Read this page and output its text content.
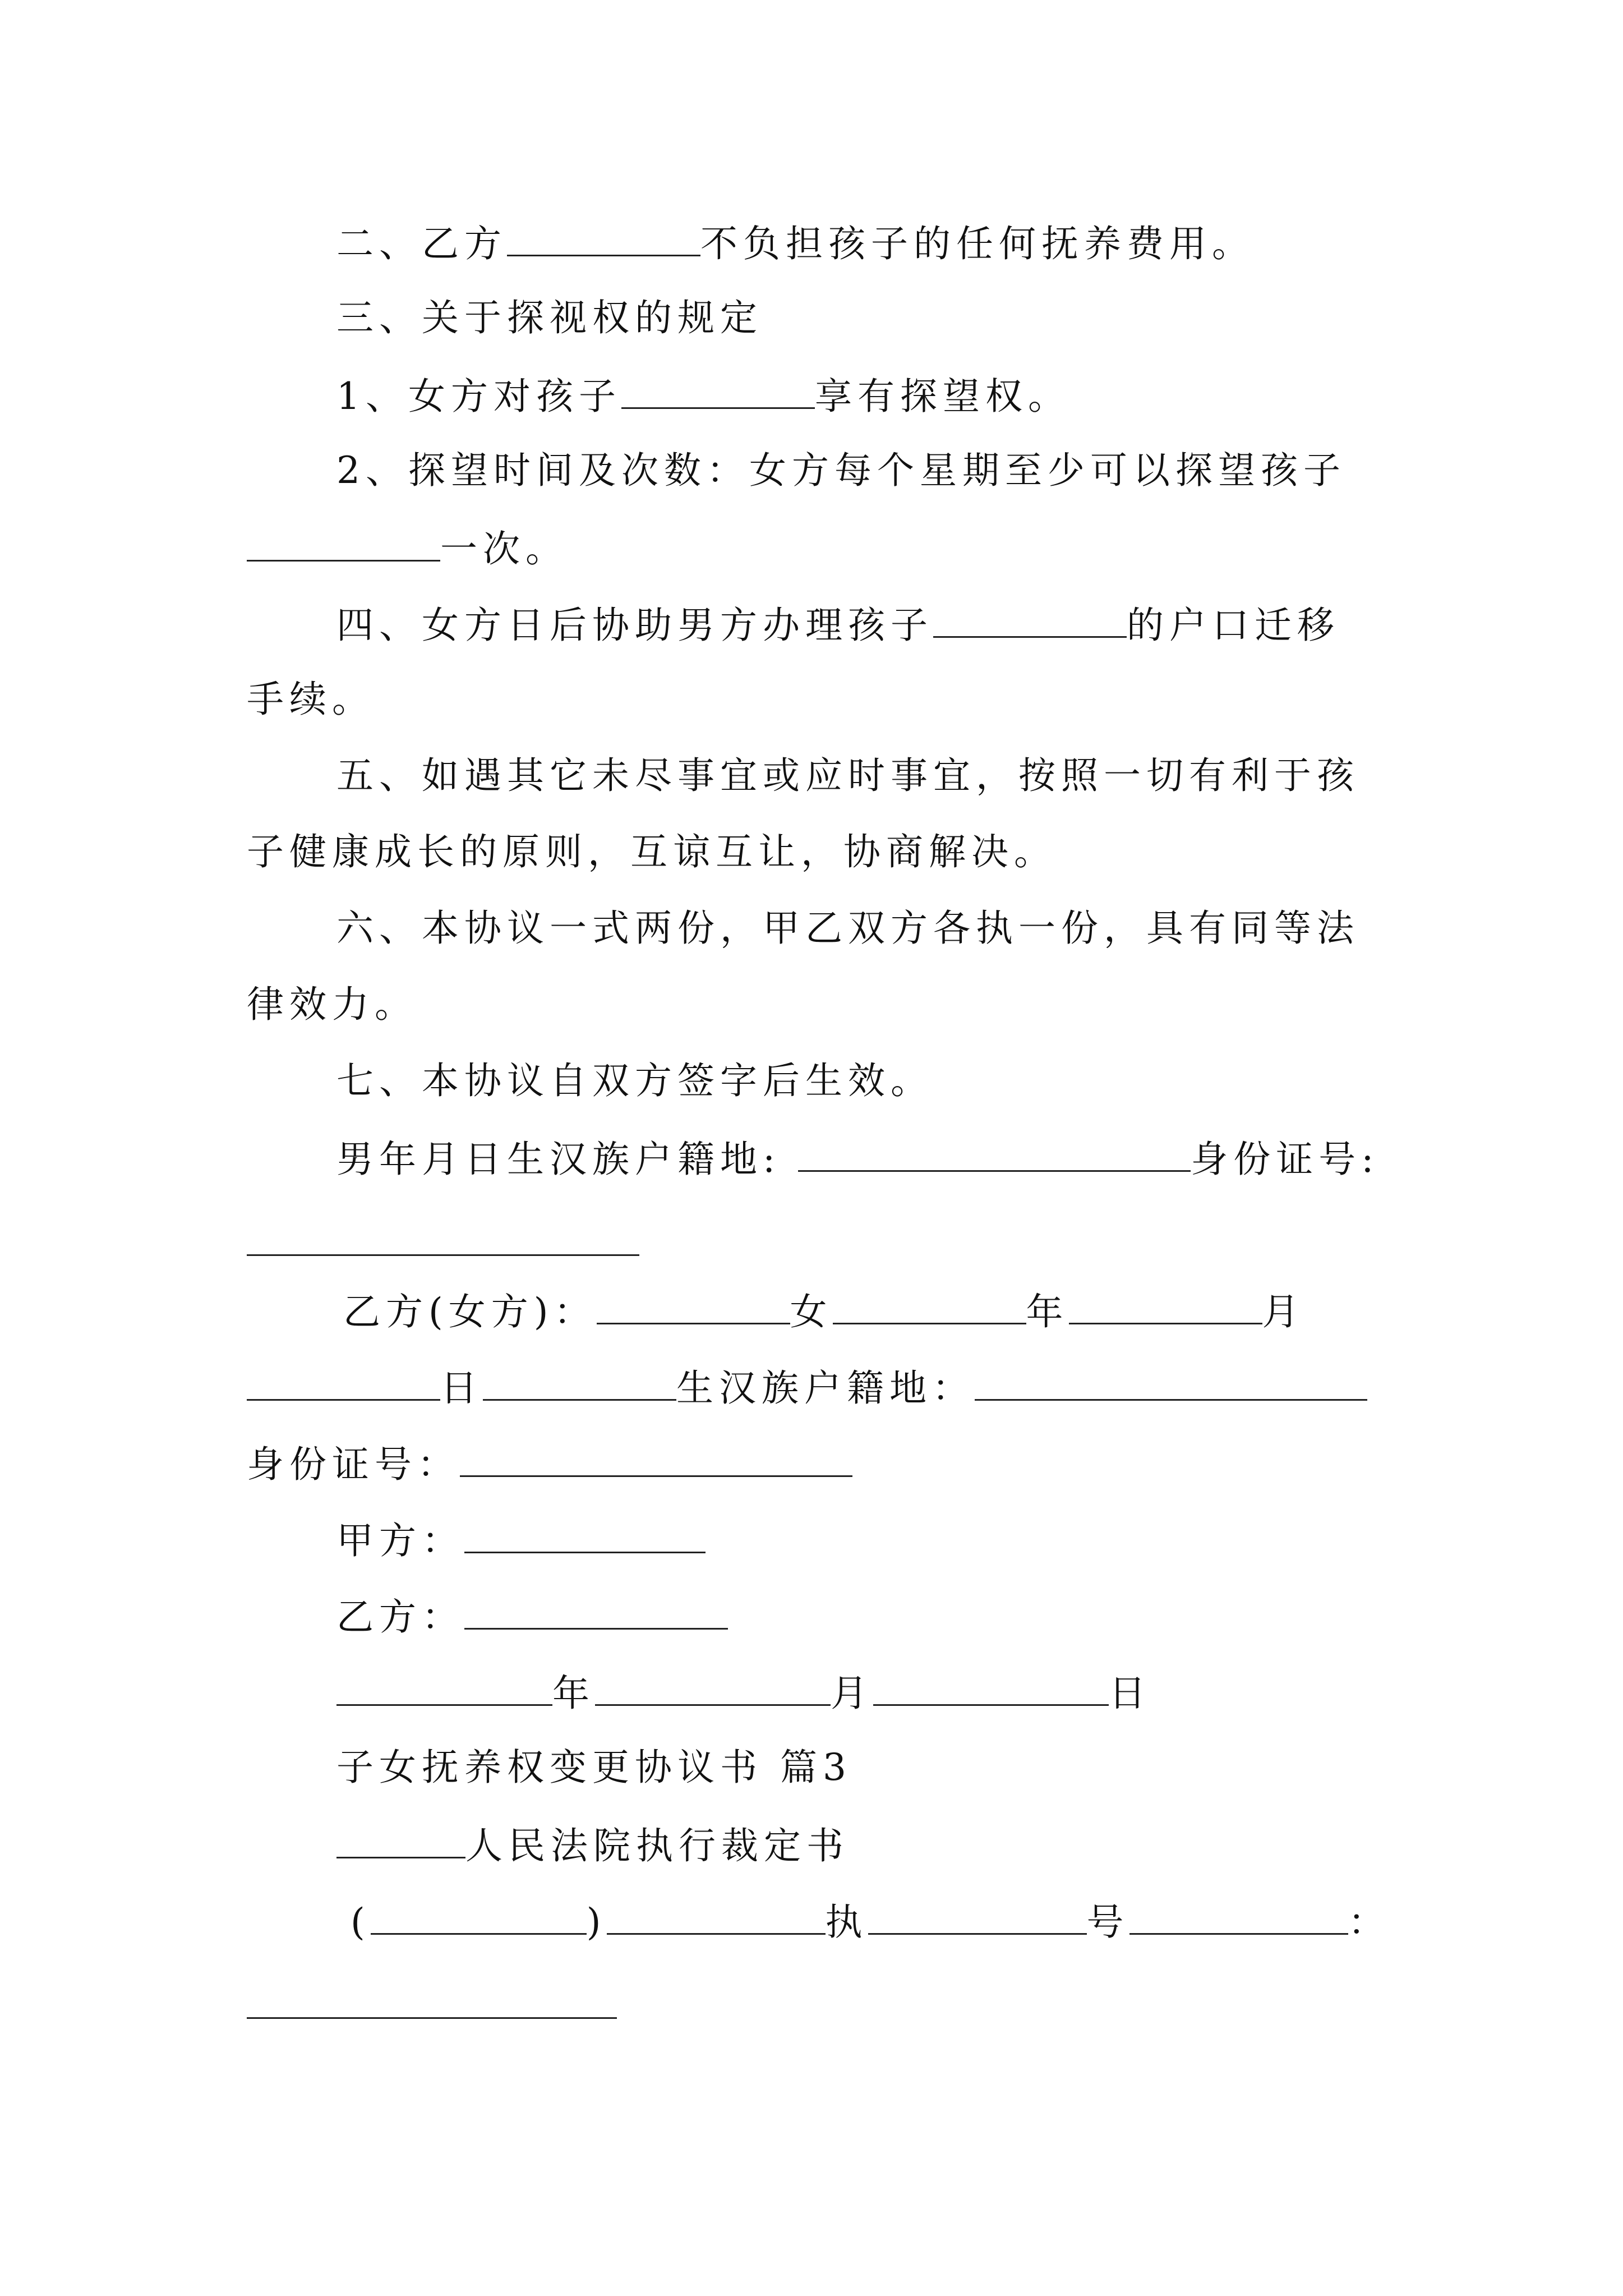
二、乙方	不负担孩子的任何抚养费用。
三、关于探视权的规定
1、女方对孩子	享有探望权。
2、探望时间及次数：女方每个星期至少可以探望孩子
一次。
四、女方日后协助男方办理孩子	的户口迁移
手续。
五、如遇其它未尽事宜或应时事宜，按照一切有利于孩
子健康成长的原则，互谅互让，协商解决。
六、本协议一式两份，甲乙双方各执一份，具有同等法
律效力。
七、本协议自双方签字后生效。
男年月日生汉族户籍地:	身份证号:
乙方(女方)：	女	年	月
日	生汉族户籍地：
身份证号：
甲方：
乙方：
年	月	日
子女抚养权变更协议书 篇3
人民法院执行裁定书
(	)	执	号	：
